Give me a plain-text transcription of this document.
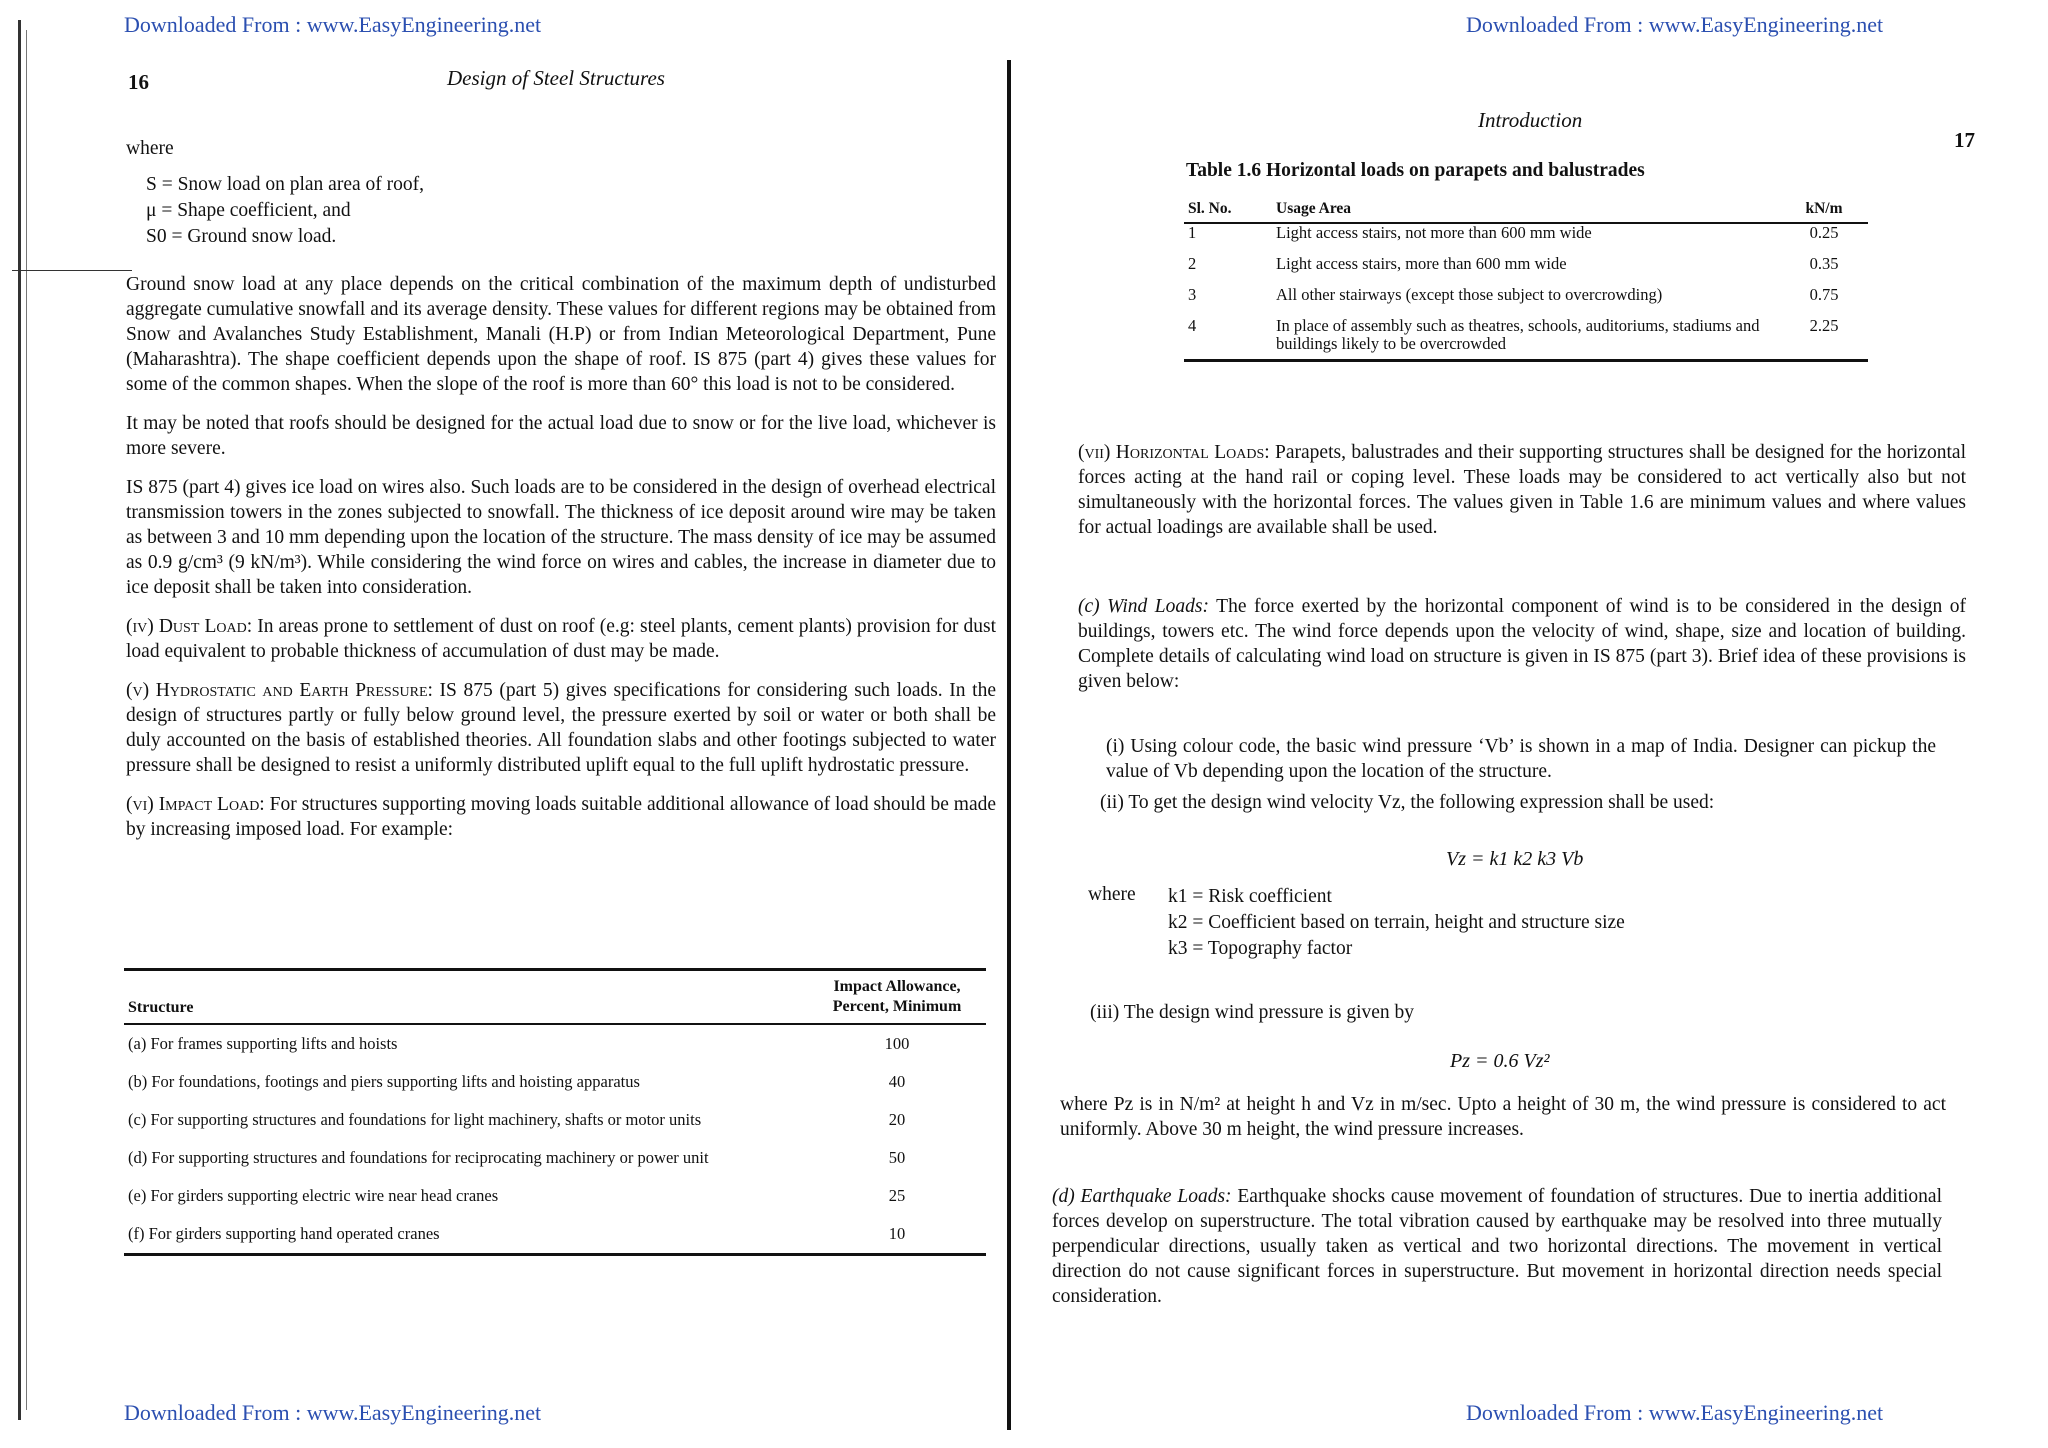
Downloaded From : www.EasyEngineering.net	Downloaded From : www.EasyEngineering.net
Downloaded From : www.EasyEngineering.net	Downloaded From : www.EasyEngineering.net
16	Design of Steel Structures
where
S = Snow load on plan area of roof,
μ = Shape coefficient, and
S0 = Ground snow load.

Ground snow load at any place depends on the critical combination of the maximum depth of undisturbed aggregate cumulative snowfall and its average density. These values for different regions may be obtained from Snow and Avalanches Study Establishment, Manali (H.P) or from Indian Meteorological Department, Pune (Maharashtra). The shape coefficient depends upon the shape of roof. IS 875 (part 4) gives these values for some of the common shapes. When the slope of the roof is more than 60° this load is not to be considered.

It may be noted that roofs should be designed for the actual load due to snow or for the live load, whichever is more severe.

IS 875 (part 4) gives ice load on wires also. Such loads are to be considered in the design of overhead electrical transmission towers in the zones subjected to snowfall. The thickness of ice deposit around wire may be taken as between 3 and 10 mm depending upon the location of the structure. The mass density of ice may be assumed as 0.9 g/cm³ (9 kN/m³). While considering the wind force on wires and cables, the increase in diameter due to ice deposit shall be taken into consideration.

(iv) Dust Load: In areas prone to settlement of dust on roof (e.g: steel plants, cement plants) provision for dust load equivalent to probable thickness of accumulation of dust may be made.

(v) Hydrostatic and Earth Pressure: IS 875 (part 5) gives specifications for considering such loads. In the design of structures partly or fully below ground level, the pressure exerted by soil or water or both shall be duly accounted on the basis of established theories. All foundation slabs and other footings subjected to water pressure shall be designed to resist a uniformly distributed uplift equal to the full uplift hydrostatic pressure.

(vi) Impact Load: For structures supporting moving loads suitable additional allowance of load should be made by increasing imposed load. For example:

Structure	Impact Allowance, Percent, Minimum
(a) For frames supporting lifts and hoists	100
(b) For foundations, footings and piers supporting lifts and hoisting apparatus	40
(c) For supporting structures and foundations for light machinery, shafts or motor units	20
(d) For supporting structures and foundations for reciprocating machinery or power unit	50
(e) For girders supporting electric wire near head cranes	25
(f) For girders supporting hand operated cranes	10
Introduction
17
Table 1.6 Horizontal loads on parapets and balustrades
Sl. No.	Usage Area	kN/m
1	Light access stairs, not more than 600 mm wide	0.25
2	Light access stairs, more than 600 mm wide	0.35
3	All other stairways (except those subject to overcrowding)	0.75
4	In place of assembly such as theatres, schools, auditoriums, stadiums and buildings likely to be overcrowded	2.25

(vii) Horizontal Loads: Parapets, balustrades and their supporting structures shall be designed for the horizontal forces acting at the hand rail or coping level. These loads may be considered to act vertically also but not simultaneously with the horizontal forces. The values given in Table 1.6 are minimum values and where values for actual loadings are available shall be used.

(c) Wind Loads: The force exerted by the horizontal component of wind is to be considered in the design of buildings, towers etc. The wind force depends upon the velocity of wind, shape, size and location of building. Complete details of calculating wind load on structure is given in IS 875 (part 3). Brief idea of these provisions is given below:

(i) Using colour code, the basic wind pressure ‘Vb’ is shown in a map of India. Designer can pickup the value of Vb depending upon the location of the structure.
(ii) To get the design wind velocity Vz, the following expression shall be used:
Vz = k1 k2 k3 Vb
where k1 = Risk coefficient
k2 = Coefficient based on terrain, height and structure size
k3 = Topography factor
(iii) The design wind pressure is given by
Pz = 0.6 Vz²
where Pz is in N/m² at height h and Vz in m/sec. Upto a height of 30 m, the wind pressure is considered to act uniformly. Above 30 m height, the wind pressure increases.

(d) Earthquake Loads: Earthquake shocks cause movement of foundation of structures. Due to inertia additional forces develop on superstructure. The total vibration caused by earthquake may be resolved into three mutually perpendicular directions, usually taken as vertical and two horizontal directions. The movement in vertical direction do not cause significant forces in superstructure. But movement in horizontal direction needs special consideration.
